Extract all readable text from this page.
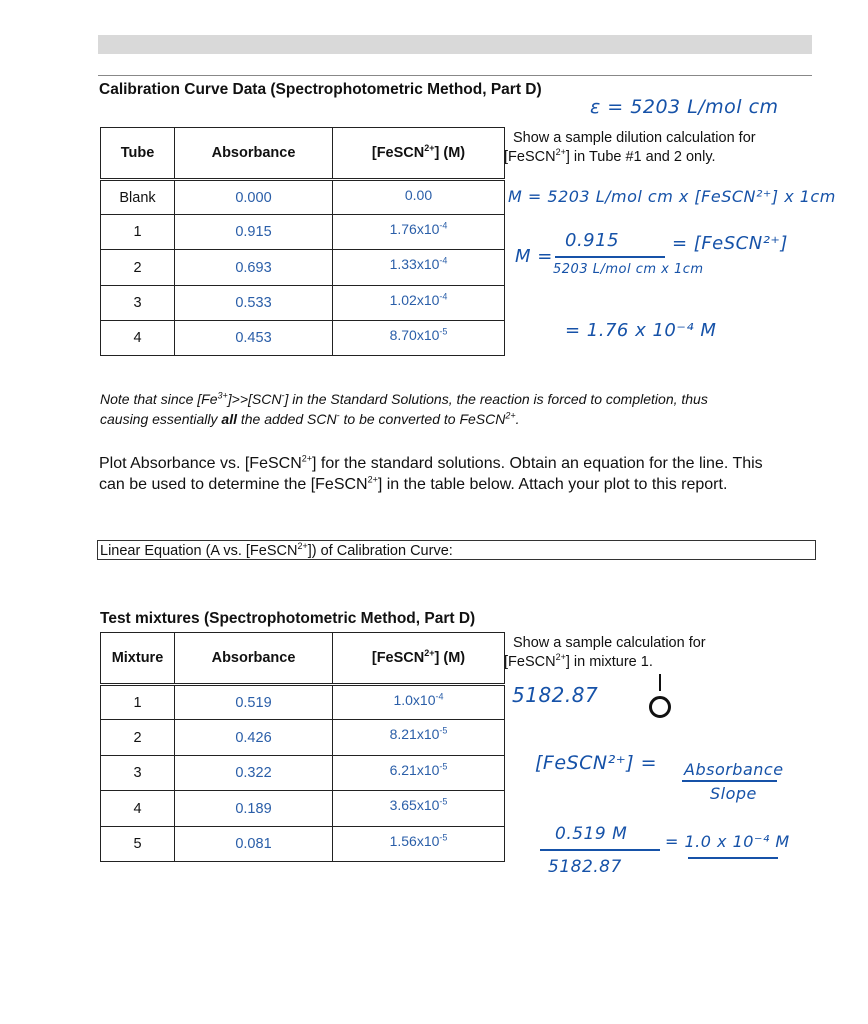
Calibration Curve Data (Spectrophotometric Method, Part D)
Tube	Absorbance	[FeSCN$^{2+}$] (M)
Blank	0.000	0.00
1	0.915	$1.76x10^{-4}$
2	0.693	$1.33x10^{-4}$
3	0.533	$1.02x10^{-4}$
4	0.453	$8.70x10^{-5}$
Show a sample dilution calculation for
[FeSCN$^{2+}$] in Tube #1 and 2 only.
ε = 5203 L/mol cm
M = 5203 L/mol cm x [FeSCN²⁺] x 1cm
M =
0.915
5203 L/mol cm x 1cm
= [FeSCN²⁺]
= 1.76 x 10⁻⁴ M
Note that since $[Fe^{3+}]>>[SCN^-]$ in the Standard Solutions, the reaction is forced to completion, thus
causing essentially all the added SCN- to be converted to FeSCN$^{2+}$.
Plot Absorbance vs. [FeSCN$^{2+}$] for the standard solutions. Obtain an equation for the line. This
can be used to determine the [FeSCN$^{2+}$] in the table below. Attach your plot to this report.
Linear Equation (A vs. [FeSCN$^{2+}$]) of Calibration Curve:
Test mixtures (Spectrophotometric Method, Part D)
Mixture	Absorbance	[FeSCN$^{2+}$] (M)
1	0.519	$1.0x10^{-4}$
2	0.426	$8.21x10^{-5}$
3	0.322	$6.21x10^{-5}$
4	0.189	$3.65x10^{-5}$
5	0.081	$1.56x10^{-5}$
Show a sample calculation for
[FeSCN$^{2+}$] in mixture 1.
5182.87
[FeSCN²⁺] = Absorbance
Slope
0.519 M
5182.87
= 1.0 x 10⁻⁴ M
